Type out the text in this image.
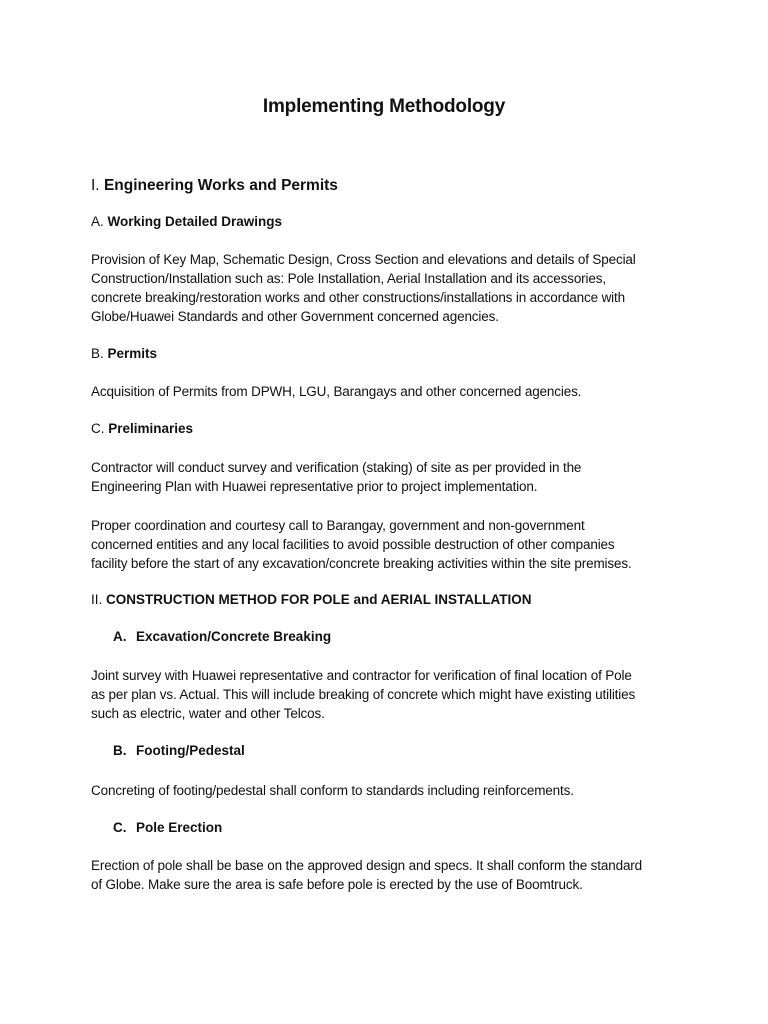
Implementing Methodology
I. Engineering Works and Permits
A. Working Detailed Drawings
Provision of Key Map, Schematic Design, Cross Section and elevations and details of Special
Construction/Installation such as: Pole Installation, Aerial Installation and its accessories,
concrete breaking/restoration works and other constructions/installations in accordance with
Globe/Huawei Standards and other Government concerned agencies.
B. Permits
Acquisition of Permits from DPWH, LGU, Barangays and other concerned agencies.
C. Preliminaries
Contractor will conduct survey and verification (staking) of site as per provided in the
Engineering Plan with Huawei representative prior to project implementation.
Proper coordination and courtesy call to Barangay, government and non-government
concerned entities and any local facilities to avoid possible destruction of other companies
facility before the start of any excavation/concrete breaking activities within the site premises.
II. CONSTRUCTION METHOD FOR POLE and AERIAL INSTALLATION
A. Excavation/Concrete Breaking
Joint survey with Huawei representative and contractor for verification of final location of Pole
as per plan vs. Actual. This will include breaking of concrete which might have existing utilities
such as electric, water and other Telcos.
B. Footing/Pedestal
Concreting of footing/pedestal shall conform to standards including reinforcements.
C. Pole Erection
Erection of pole shall be base on the approved design and specs. It shall conform the standard
of Globe. Make sure the area is safe before pole is erected by the use of Boomtruck.
